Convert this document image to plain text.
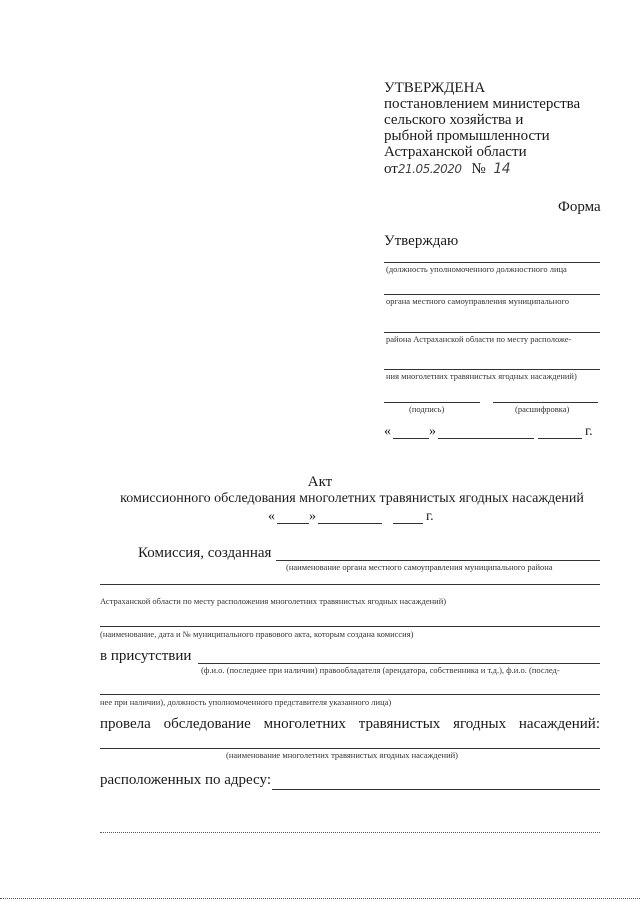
УТВЕРЖДЕНА
постановлением министерства
сельского хозяйства и
рыбной промышленности
Астраханской области
от21.05.2020 № 14
Форма
Утверждаю
(должность уполномоченного должностного лица
органа местного самоуправления муниципального
района Астраханской области по месту расположе-
ния многолетних травянистых ягодных насаждений)
(подпись)	(расшифровка)
«	»	г.
Акт
комиссионного обследования многолетних травянистых ягодных насаждений
« »	г.
Комиссия, созданная
(наименование органа местного самоуправления муниципального района
Астраханской области по месту расположения многолетних травянистых ягодных насаждений)
(наименование, дата и № муниципального правового акта, которым создана комиссия)
в присутствии
(ф.и.о. (последнее при наличии) правообладателя (арендатора, собственника и т.д.), ф.и.о. (послед-
нее при наличии), должность уполномоченного представителя указанного лица)
провела обследование многолетних травянистых ягодных насаждений:
(наименование многолетних травянистых ягодных насаждений)
расположенных по адресу:
